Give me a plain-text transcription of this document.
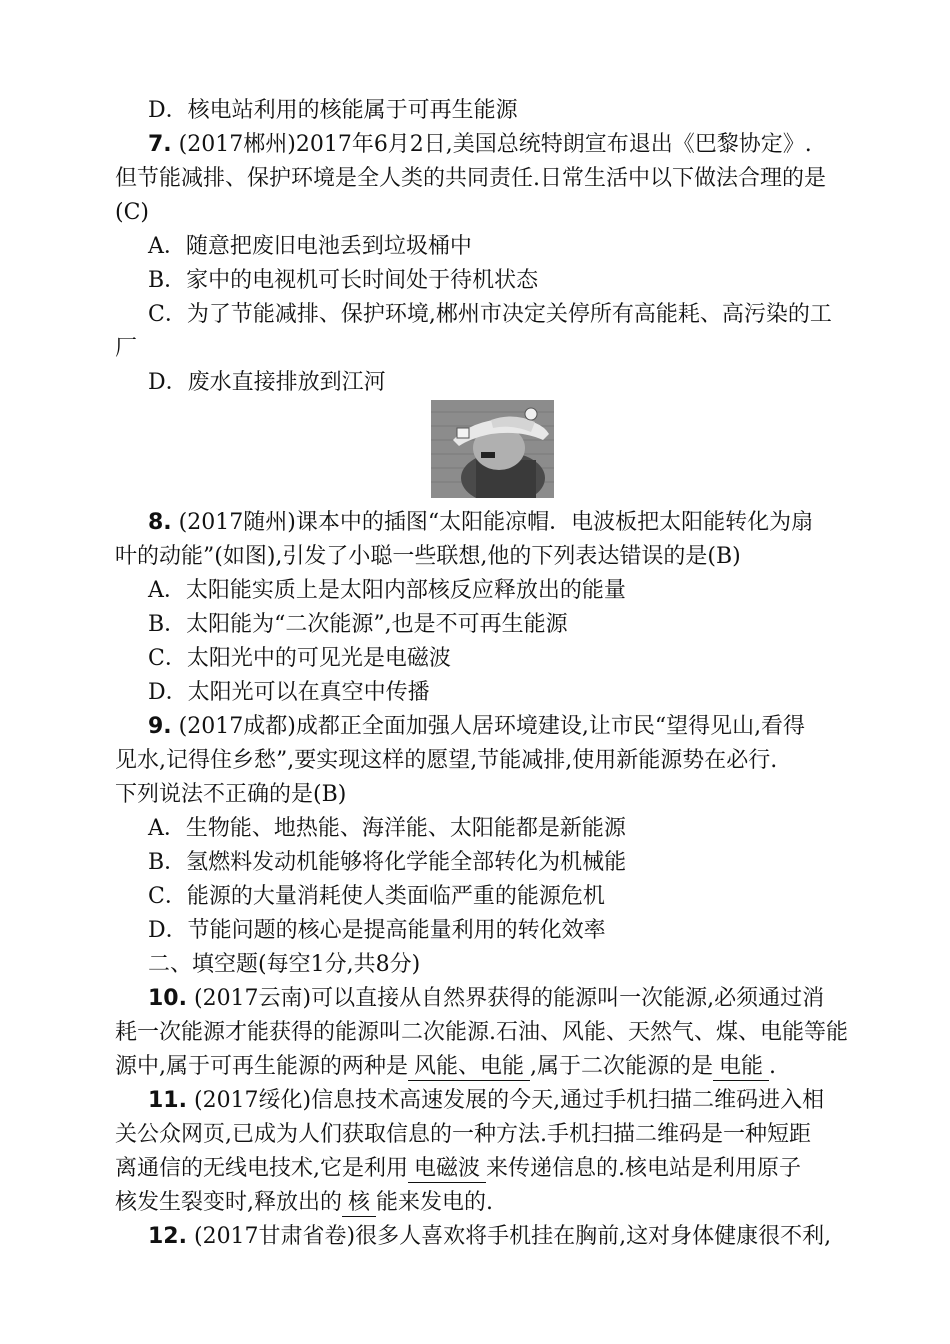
D．核电站利用的核能属于可再生能源
7. (2017郴州)2017年6月2日,美国总统特朗宣布退出《巴黎协定》.
但节能减排、保护环境是全人类的共同责任.日常生活中以下做法合理的是
(C)
A．随意把废旧电池丢到垃圾桶中
B．家中的电视机可长时间处于待机状态
C．为了节能减排、保护环境,郴州市决定关停所有高能耗、高污染的工
厂
D．废水直接排放到江河
8. (2017随州)课本中的插图“太阳能凉帽．电波板把太阳能转化为扇
叶的动能”(如图),引发了小聪一些联想,他的下列表达错误的是(B)
A．太阳能实质上是太阳内部核反应释放出的能量
B．太阳能为“二次能源”,也是不可再生能源
C．太阳光中的可见光是电磁波
D．太阳光可以在真空中传播
9. (2017成都)成都正全面加强人居环境建设,让市民“望得见山,看得
见水,记得住乡愁”,要实现这样的愿望,节能减排,使用新能源势在必行.
下列说法不正确的是(B)
A．生物能、地热能、海洋能、太阳能都是新能源
B．氢燃料发动机能够将化学能全部转化为机械能
C．能源的大量消耗使人类面临严重的能源危机
D．节能问题的核心是提高能量利用的转化效率
二、填空题(每空1分,共8分)
10. (2017云南)可以直接从自然界获得的能源叫一次能源,必须通过消
耗一次能源才能获得的能源叫二次能源.石油、风能、天然气、煤、电能等能
源中,属于可再生能源的两种是 风能、电能 ,属于二次能源的是 电能 .
11. (2017绥化)信息技术高速发展的今天,通过手机扫描二维码进入相
关公众网页,已成为人们获取信息的一种方法.手机扫描二维码是一种短距
离通信的无线电技术,它是利用 电磁波 来传递信息的.核电站是利用原子
核发生裂变时,释放出的 核 能来发电的.
12. (2017甘肃省卷)很多人喜欢将手机挂在胸前,这对身体健康很不利,
